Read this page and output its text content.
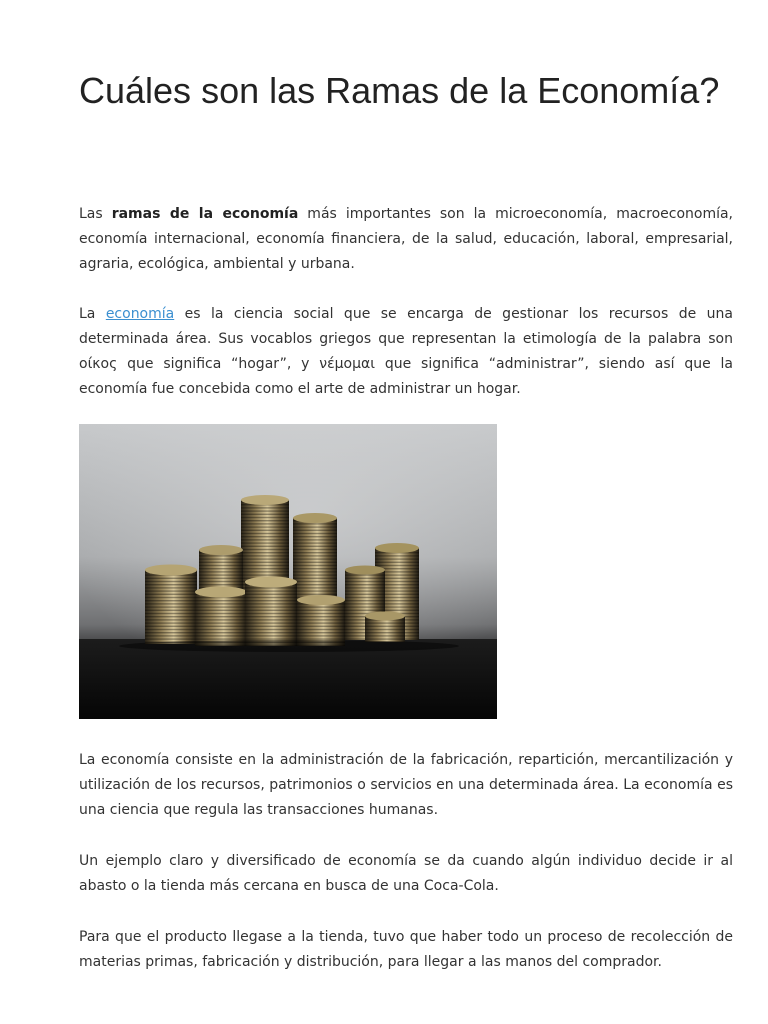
Cuáles son las Ramas de la Economía?

Las ramas de la economía más importantes son la microeconomía, macroeconomía, economía internacional, economía financiera, de la salud, educación, laboral, empresarial, agraria, ecológica, ambiental y urbana.

La economía es la ciencia social que se encarga de gestionar los recursos de una determinada área. Sus vocablos griegos que representan la etimología de la palabra son οίκος que significa “hogar”, y νέμομαι que significa “administrar”, siendo así que la economía fue concebida como el arte de administrar un hogar.

La economía consiste en la administración de la fabricación, repartición, mercantilización y utilización de los recursos, patrimonios o servicios en una determinada área. La economía es una ciencia que regula las transacciones humanas.

Un ejemplo claro y diversificado de economía se da cuando algún individuo decide ir al abasto o la tienda más cercana en busca de una Coca-Cola.

Para que el producto llegase a la tienda, tuvo que haber todo un proceso de recolección de materias primas, fabricación y distribución, para llegar a las manos del comprador.
